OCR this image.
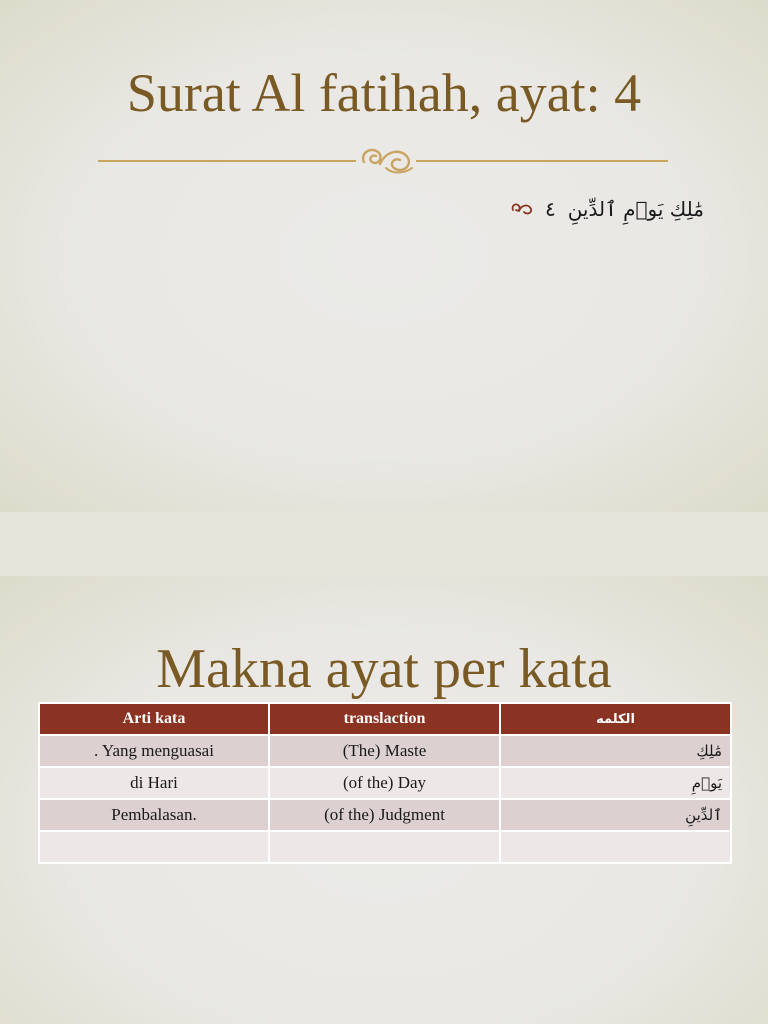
Surat Al fatihah, ayat: 4
٤ مَٰلِكِ يَوۡمِ ٱلدِّينِ
Makna ayat per kata
Arti kata	translaction	الكلمه
. Yang menguasai	(The) Maste	مَٰلِكِ
di Hari	(of the) Day	يَوۡمِ
Pembalasan.	(of the) Judgment	ٱلدِّينِ
